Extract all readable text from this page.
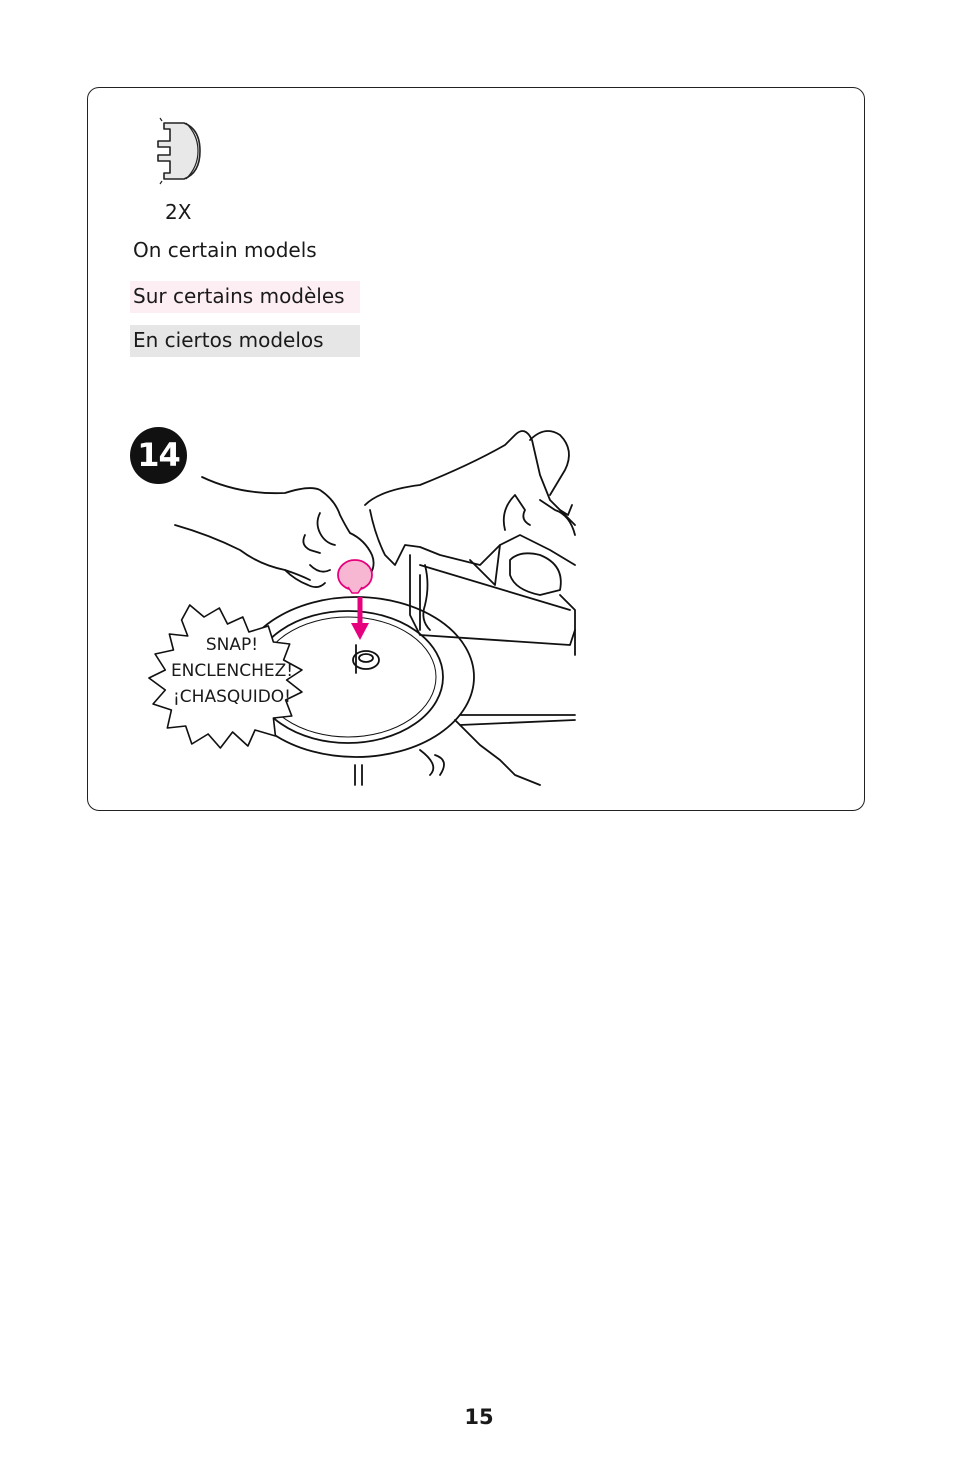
2X
On certain models
Sur certains modèles
En ciertos modelos
14
SNAP!
ENCLENCHEZ!
¡CHASQUIDO!
15
